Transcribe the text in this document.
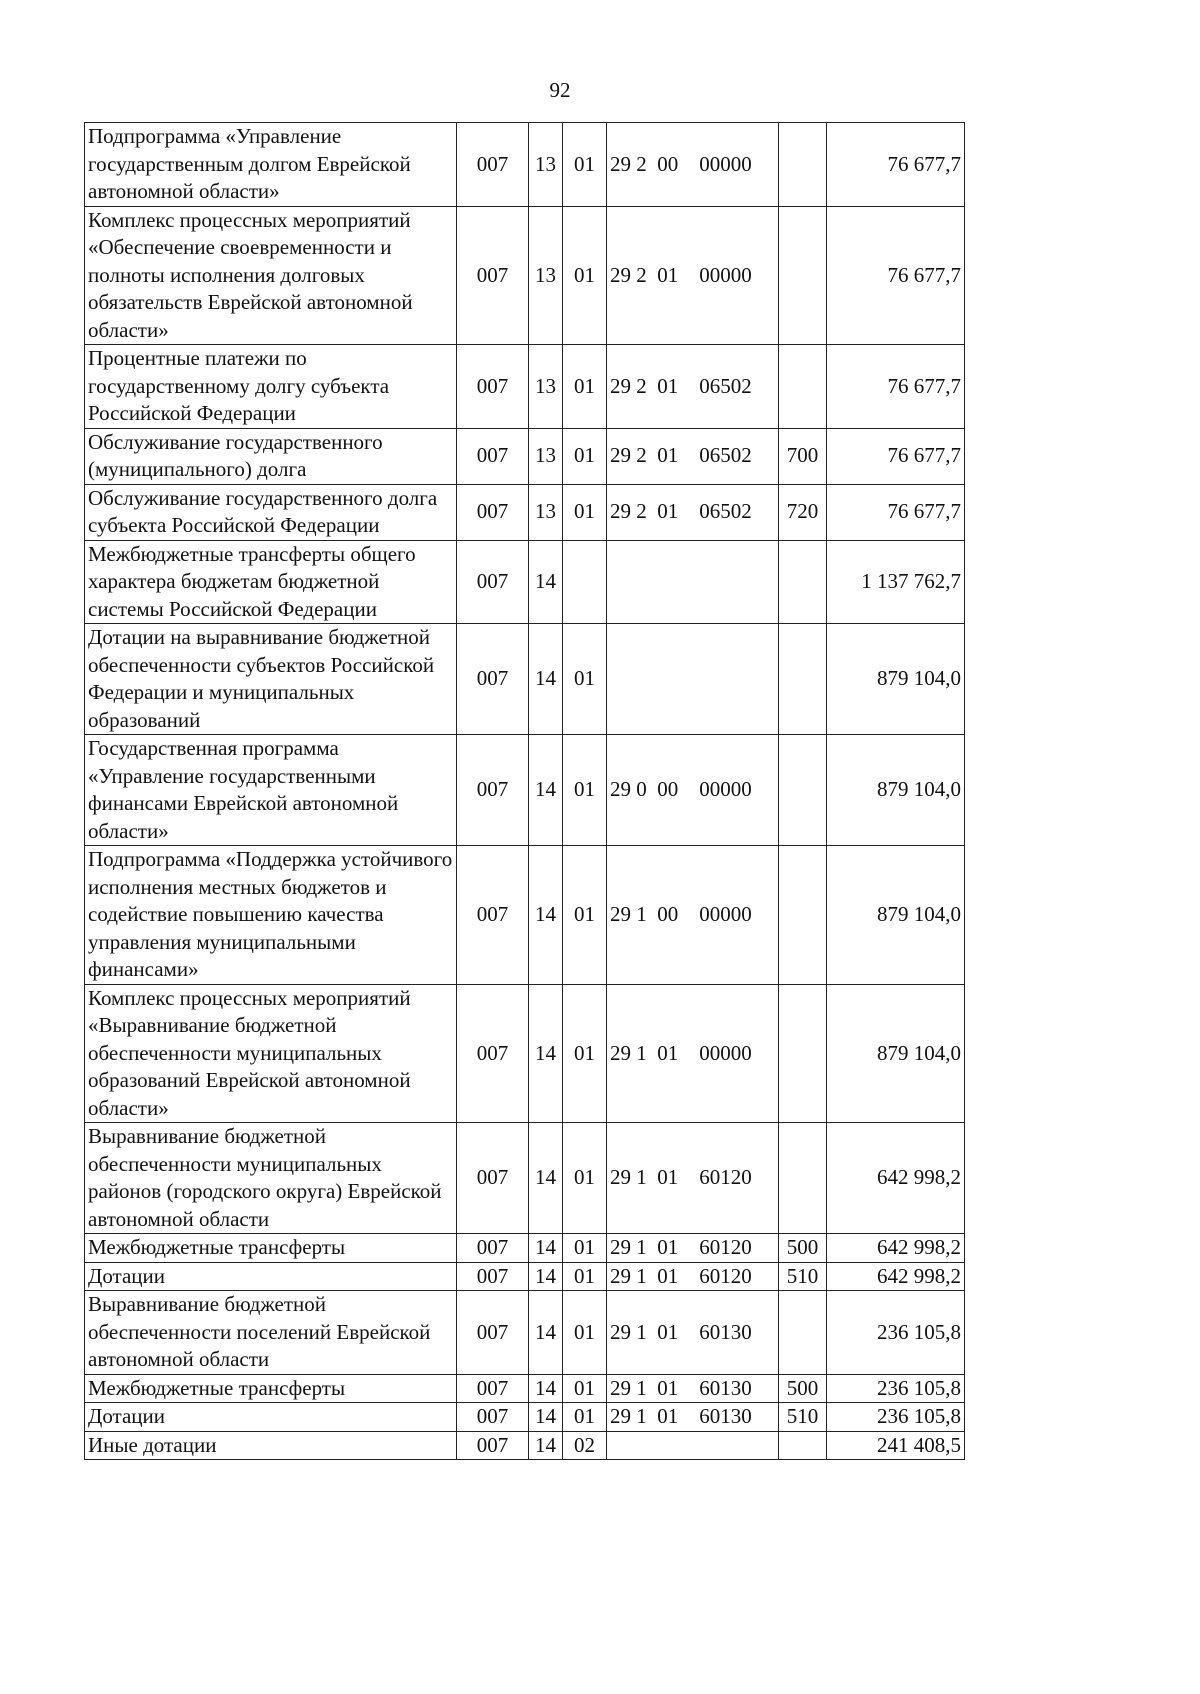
92
Подпрограмма «Управление государственным долгом Еврейской автономной области»	007	13	01	29 2  00    00000		76 677,7
Комплекс процессных мероприятий «Обеспечение своевременности и полноты исполнения долговых обязательств Еврейской автономной области»	007	13	01	29 2  01    00000		76 677,7
Процентные платежи по государственному долгу субъекта Российской Федерации	007	13	01	29 2  01    06502		76 677,7
Обслуживание государственного (муниципального) долга	007	13	01	29 2  01    06502	700	76 677,7
Обслуживание государственного долга субъекта Российской Федерации	007	13	01	29 2  01    06502	720	76 677,7
Межбюджетные трансферты общего характера бюджетам бюджетной системы Российской Федерации	007	14				1 137 762,7
Дотации на выравнивание бюджетной обеспеченности субъектов Российской Федерации и муниципальных образований	007	14	01			879 104,0
Государственная программа «Управление государственными финансами Еврейской автономной области»	007	14	01	29 0  00    00000		879 104,0
Подпрограмма «Поддержка устойчивого исполнения местных бюджетов и содействие повышению качества управления муниципальными финансами»	007	14	01	29 1  00    00000		879 104,0
Комплекс процессных мероприятий «Выравнивание бюджетной обеспеченности муниципальных образований Еврейской автономной области»	007	14	01	29 1  01    00000		879 104,0
Выравнивание бюджетной обеспеченности муниципальных районов (городского округа) Еврейской автономной области	007	14	01	29 1  01    60120		642 998,2
Межбюджетные трансферты	007	14	01	29 1  01    60120	500	642 998,2
Дотации	007	14	01	29 1  01    60120	510	642 998,2
Выравнивание бюджетной обеспеченности поселений Еврейской автономной области	007	14	01	29 1  01    60130		236 105,8
Межбюджетные трансферты	007	14	01	29 1  01    60130	500	236 105,8
Дотации	007	14	01	29 1  01    60130	510	236 105,8
Иные дотации	007	14	02			241 408,5
